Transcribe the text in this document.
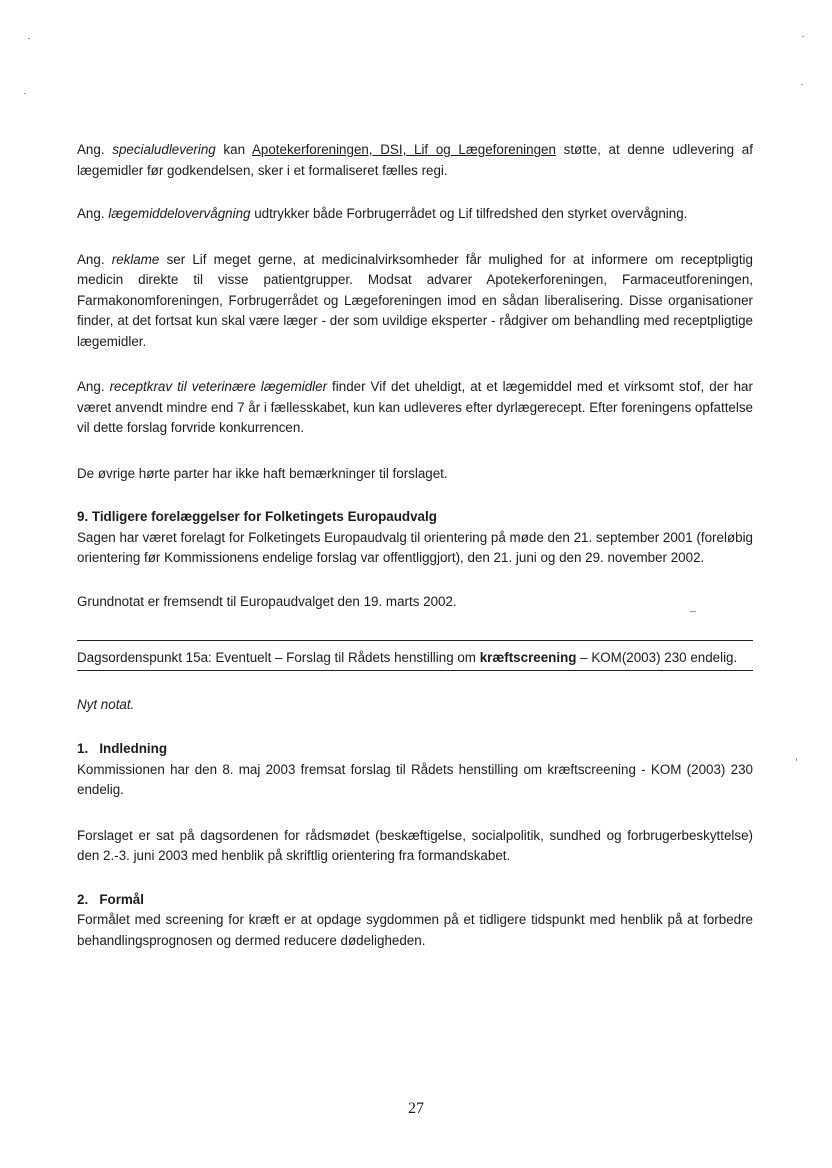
Ang. specialudlevering kan Apotekerforeningen, DSI, Lif og Lægeforeningen støtte, at denne udlevering af lægemidler før godkendelsen, sker i et formaliseret fælles regi.

Ang. lægemiddelovervågning udtrykker både Forbrugerrådet og Lif tilfredshed den styrket overvågning.

Ang. reklame ser Lif meget gerne, at medicinalvirksomheder får mulighed for at informere om receptpligtig medicin direkte til visse patientgrupper. Modsat advarer Apotekerforeningen, Farmaceutforeningen, Farmakonomforeningen, Forbrugerrådet og Lægeforeningen imod en sådan liberalisering. Disse organisationer finder, at det fortsat kun skal være læger - der som uvildige eksperter - rådgiver om behandling med receptpligtige lægemidler.

Ang. receptkrav til veterinære lægemidler finder Vif det uheldigt, at et lægemiddel med et virksomt stof, der har været anvendt mindre end 7 år i fællesskabet, kun kan udleveres efter dyrlægerecept. Efter foreningens opfattelse vil dette forslag forvride konkurrencen.

De øvrige hørte parter har ikke haft bemærkninger til forslaget.

9. Tidligere forelæggelser for Folketingets Europaudvalg

Sagen har været forelagt for Folketingets Europaudvalg til orientering på møde den 21. september 2001 (foreløbig orientering før Kommissionens endelige forslag var offentliggjort), den 21. juni og den 29. november 2002.

Grundnotat er fremsendt til Europaudvalget den 19. marts 2002.

Dagsordenspunkt 15a: Eventuelt – Forslag til Rådets henstilling om kræftscreening – KOM(2003) 230 endelig.

Nyt notat.

1.   Indledning

Kommissionen har den 8. maj 2003 fremsat forslag til Rådets henstilling om kræftscreening - KOM (2003) 230 endelig.

Forslaget er sat på dagsordenen for rådsmødet (beskæftigelse, socialpolitik, sundhed og forbrugerbeskyttelse) den 2.-3. juni 2003 med henblik på skriftlig orientering fra formandskabet.

2.   Formål

Formålet med screening for kræft er at opdage sygdommen på et tidligere tidspunkt med henblik på at forbedre behandlingsprognosen og dermed reducere dødeligheden.

27
